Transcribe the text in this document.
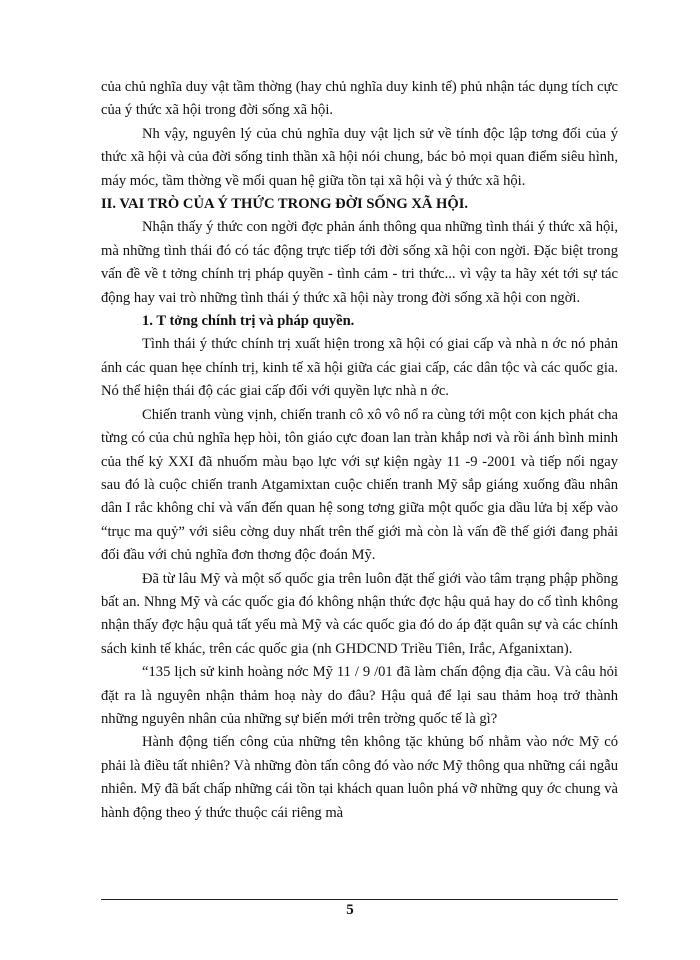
của chủ nghĩa duy vật tầm thờng (hay chủ nghĩa duy kinh tế) phủ nhận tác dụng tích cực của ý thức xã hội trong đời sống xã hội.

Nh vậy, nguyên lý của chủ nghĩa duy vật lịch sử về tính độc lập tơng đối của ý thức xã hội và của đời sống tinh thần xã hội nói chung, bác bỏ mọi quan điểm siêu hình, máy móc, tầm thờng về mối quan hệ giữa tồn tại xã hội và ý thức xã hội.

II. VAI TRÒ CỦA Ý THỨC TRONG ĐỜI SỐNG XÃ HỘI.

Nhận thấy ý thức con ngời đợc phản ánh thông qua những tình thái ý thức xã hội, mà những tình thái đó có tác động trực tiếp tới đời sống xã hội con ngời. Đặc biệt trong vấn đề về t tởng chính trị pháp quyền - tình cảm - tri thức... vì vậy ta hãy xét tới sự tác động hay vai trò những tình thái ý thức xã hội này trong đời sống xã hội con ngời.

1. T tởng chính trị và pháp quyền.

Tình thái ý thức chính trị xuất hiện trong xã hội có giai cấp và nhà n ớc nó phản ánh các quan hẹe chính trị, kinh tế xã hội giữa các giai cấp, các dân tộc và các quốc gia. Nó thể hiện thái độ các giai cấp đối với quyền lực nhà n ớc.

Chiến tranh vùng vịnh, chiến tranh cô xô vô nổ ra cùng tới một con kịch phát cha từng có của chủ nghĩa hẹp hòi, tôn giáo cực đoan lan tràn khắp nơi và rồi ánh bình minh của thế kỷ XXI đã nhuốm màu bạo lực với sự kiện ngày 11 -9 -2001 và tiếp nối ngay sau đó là cuộc chiến tranh Atgamixtan cuộc chiến tranh Mỹ sắp giáng xuống đầu nhân dân I rắc không chỉ và vấn đến quan hệ song tơng giữa một quốc gia dầu lửa bị xếp vào “trục ma quỷ” với siêu cờng duy nhất trên thế giới mà còn là vấn đề thế giới đang phải đối đầu với chủ nghĩa đơn thơng độc đoán Mỹ.

Đã từ lâu Mỹ và một số quốc gia trên luôn đặt thế giới vào tâm trạng phập phồng bất an. Nhng Mỹ và các quốc gia đó không nhận thức đợc hậu quả hay do cố tình không nhận thấy đợc hậu quả tất yếu mà Mỹ và các quốc gia đó do áp đặt quân sự và các chính sách kinh tế khác, trên các quốc gia (nh GHDCND Triều Tiên, Irắc, Afganixtan).

“135 lịch sử kinh hoàng nớc Mỹ 11 / 9 /01 đã làm chấn động địa cầu. Và câu hỏi đặt ra là nguyên nhận thảm hoạ này do đâu? Hậu quả để lại sau thảm hoạ trở thành những nguyên nhân của những sự biến mới trên trờng quốc tế là gì?

Hành động tiến công của những tên không tặc khủng bố nhằm vào nớc Mỹ có phải là điều tất nhiên? Và những đòn tấn công đó vào nớc Mỹ thông qua những cái ngẫu nhiên. Mỹ đã bất chấp những cái tồn tại khách quan luôn phá vỡ những quy ớc chung và hành động theo ý thức thuộc cái riêng mà

5
